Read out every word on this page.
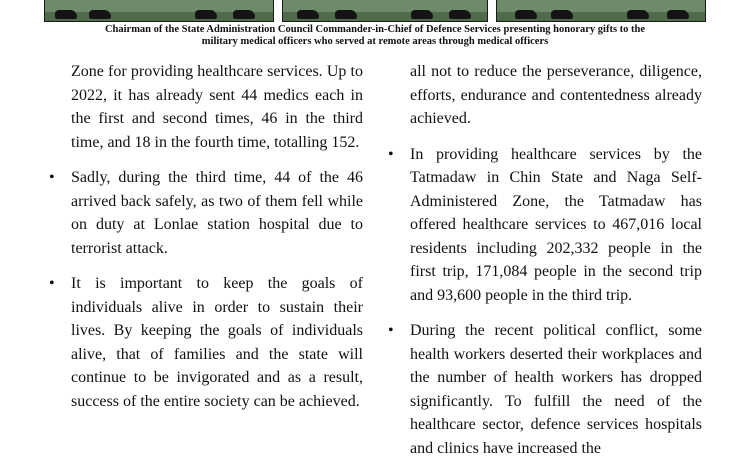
Chairman of the State Administration Council Commander-in-Chief of Defence Services presenting honorary gifts to the
military medical officers who served at remote areas through medical officers

Zone for providing healthcare services. Up to 2022, it has already sent 44 medics each in the first and second times, 46 in the third time, and 18 in the fourth time, totalling 152.

• Sadly, during the third time, 44 of the 46 arrived back safely, as two of them fell while on duty at Lonlae station hospital due to terrorist attack.
• It is important to keep the goals of individuals alive in order to sustain their lives. By keeping the goals of individuals alive, that of families and the state will continue to be invigorated and as a result, success of the entire society can be achieved.

all not to reduce the perseverance, diligence, efforts, endurance and contentedness already achieved.

• In providing healthcare services by the Tatmadaw in Chin State and Naga Self-Administered Zone, the Tatmadaw has offered healthcare services to 467,016 local residents including 202,332 people in the first trip, 171,084 people in the second trip and 93,600 people in the third trip.
• During the recent political conflict, some health workers deserted their workplaces and the number of health workers has dropped significantly. To fulfill the need of the healthcare sector, defence services hospitals and clinics have increased the
